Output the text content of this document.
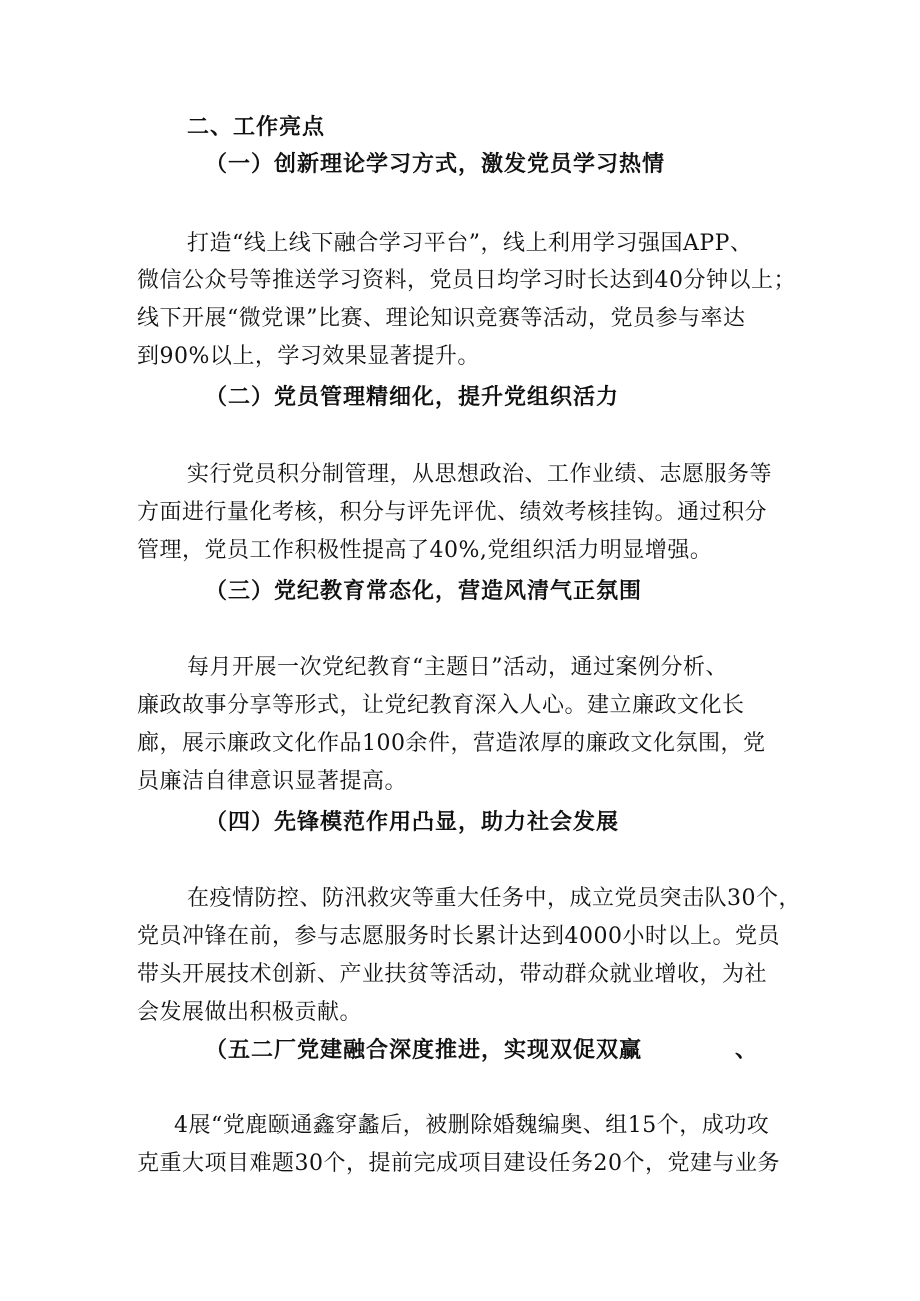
二、工作亮点
（一）创新理论学习方式，激发党员学习热情
打造“线上线下融合学习平台”，线上利用学习强国APP、
微信公众号等推送学习资料，党员日均学习时长达到40分钟以上；
线下开展“微党课”比赛、理论知识竞赛等活动，党员参与率达
到90%以上，学习效果显著提升。
（二）党员管理精细化，提升党组织活力
实行党员积分制管理，从思想政治、工作业绩、志愿服务等
方面进行量化考核，积分与评先评优、绩效考核挂钩。通过积分
管理，党员工作积极性提高了40%,党组织活力明显增强。
（三）党纪教育常态化，营造风清气正氛围
每月开展一次党纪教育“主题日”活动，通过案例分析、
廉政故事分享等形式，让党纪教育深入人心。建立廉政文化长
廊，展示廉政文化作品100余件，营造浓厚的廉政文化氛围，党
员廉洁自律意识显著提高。
（四）先锋模范作用凸显，助力社会发展
在疫情防控、防汛救灾等重大任务中，成立党员突击队30个，
党员冲锋在前，参与志愿服务时长累计达到4000小时以上。党员
带头开展技术创新、产业扶贫等活动，带动群众就业增收，为社
会发展做出积极贡献。
（五二厂党建融合深度推进，实现双促双赢	、
4展“党鹿颐通鑫穿蠡后，被删除婚魏编奥、组15个，成功攻
克重大项目难题30个，提前完成项目建设任务20个，党建与业务
